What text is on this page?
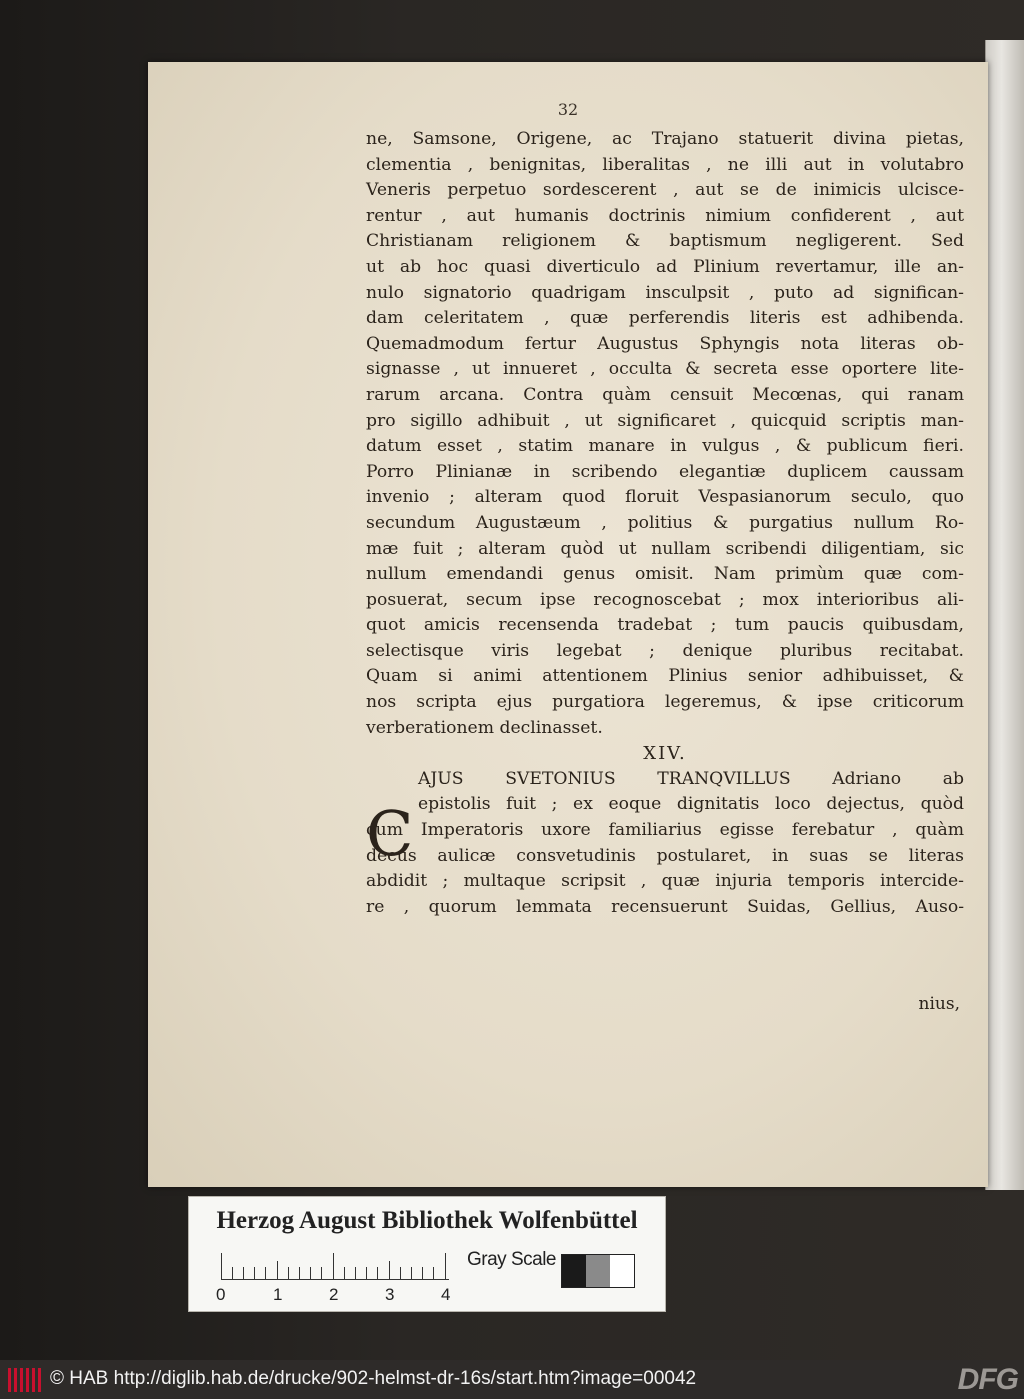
32
ne, Samsone, Origene, ac Trajano statuerit divina pietas,
clementia , benignitas, liberalitas , ne illi aut in volutabro
Veneris perpetuo sordescerent , aut se de inimicis ulcisce-
rentur , aut humanis doctrinis nimium confiderent , aut
Christianam religionem & baptismum negligerent. Sed
ut ab hoc quasi diverticulo ad Plinium revertamur, ille an-
nulo signatorio quadrigam insculpsit , puto ad significan-
dam celeritatem , quæ perferendis literis est adhibenda.
Quemadmodum fertur Augustus Sphyngis nota literas ob-
signasse , ut innueret , occulta & secreta esse oportere lite-
rarum arcana. Contra quàm censuit Mecœnas, qui ranam
pro sigillo adhibuit , ut significaret , quicquid scriptis man-
datum esset , statim manare in vulgus , & publicum fieri.
Porro Plinianæ in scribendo elegantiæ duplicem caussam
invenio ; alteram quod floruit Vespasianorum seculo, quo
secundum Augustæum , politius & purgatius nullum Ro-
mæ fuit ; alteram quòd ut nullam scribendi diligentiam, sic
nullum emendandi genus omisit. Nam primùm quæ com-
posuerat, secum ipse recognoscebat ; mox interioribus ali-
quot amicis recensenda tradebat ; tum paucis quibusdam,
selectisque viris legebat ; denique pluribus recitabat.
Quam si animi attentionem Plinius senior adhibuisset, &
nos scripta ejus purgatiora legeremus, & ipse criticorum
verberationem declinasset.
XIV.
AJUS SVETONIUS TRANQVILLUS Adriano ab
epistolis fuit ; ex eoque dignitatis loco dejectus, quòd
cum Imperatoris uxore familiarius egisse ferebatur , quàm
decus aulicæ consvetudinis postularet, in suas se literas
abdidit ; multaque scripsit , quæ injuria temporis intercide-
re , quorum lemmata recensuerunt Suidas, Gellius, Auso-
C
nius,
Herzog August Bibliothek Wolfenbüttel
0	1	2	3	4
Gray Scale
© HAB http://diglib.hab.de/drucke/902-helmst-dr-16s/start.htm?image=00042	DFG
